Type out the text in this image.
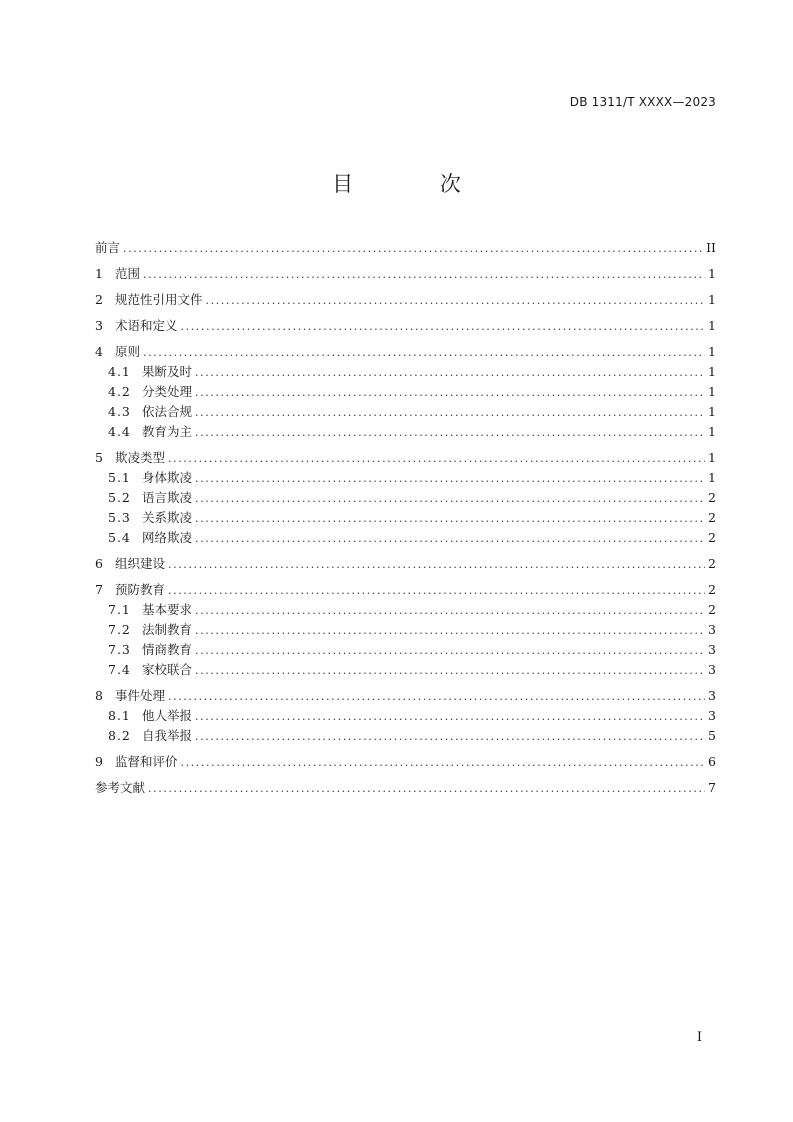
DB 1311/T XXXX—2023
目 次
前言 .....	II
1 范围 .....	1
2 规范性引用文件 .....	1
3 术语和定义 .....	1
4 原则 .....	1
4.1 果断及时 .....	1
4.2 分类处理 .....	1
4.3 依法合规 .....	1
4.4 教育为主 .....	1
5 欺凌类型 .....	1
5.1 身体欺凌 .....	1
5.2 语言欺凌 .....	2
5.3 关系欺凌 .....	2
5.4 网络欺凌 .....	2
6 组织建设 .....	2
7 预防教育 .....	2
7.1 基本要求 .....	2
7.2 法制教育 .....	3
7.3 情商教育 .....	3
7.4 家校联合 .....	3
8 事件处理 .....	3
8.1 他人举报 .....	3
8.2 自我举报 .....	5
9 监督和评价 .....	6
参考文献 .....	7
I
